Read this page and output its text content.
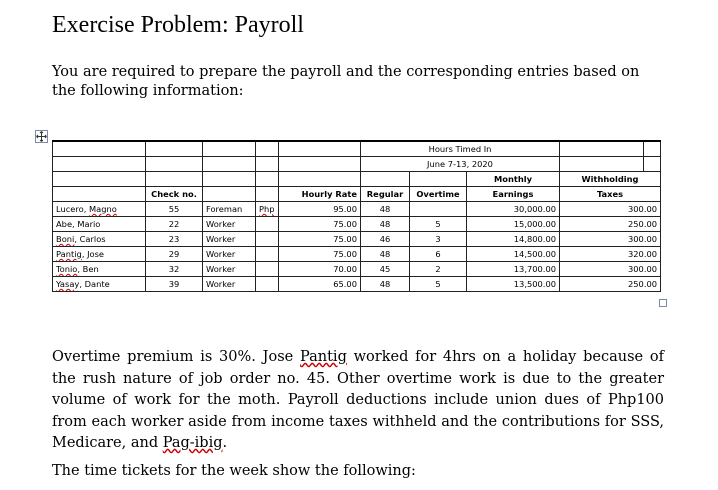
Exercise Problem: Payroll
You are required to prepare the payroll and the corresponding entries based on the following information:
					Hours Timed In				
					June 7-13, 2020				
							Monthly	Withholding	
	Check no.			Hourly Rate	Regular	Overtime	Earnings	Taxes	
Lucero, Magno	55	Foreman	Php	95.00	48		30,000.00	300.00	
Abe, Mario	22	Worker		75.00	48	5	15,000.00	250.00	
Boni, Carlos	23	Worker		75.00	46	3	14,800.00	300.00	
Pantig, Jose	29	Worker		75.00	48	6	14,500.00	320.00	
Tonio, Ben	32	Worker		70.00	45	2	13,700.00	300.00	
Yasay, Dante	39	Worker		65.00	48	5	13,500.00	250.00	
Overtime premium is 30%. Jose Pantig worked for 4hrs on a holiday because of the rush nature of job order no. 45. Other overtime work is due to the greater volume of work for the moth. Payroll deductions include union dues of Php100 from each worker aside from income taxes withheld and the contributions for SSS, Medicare, and Pag-ibig.
The time tickets for the week show the following:
